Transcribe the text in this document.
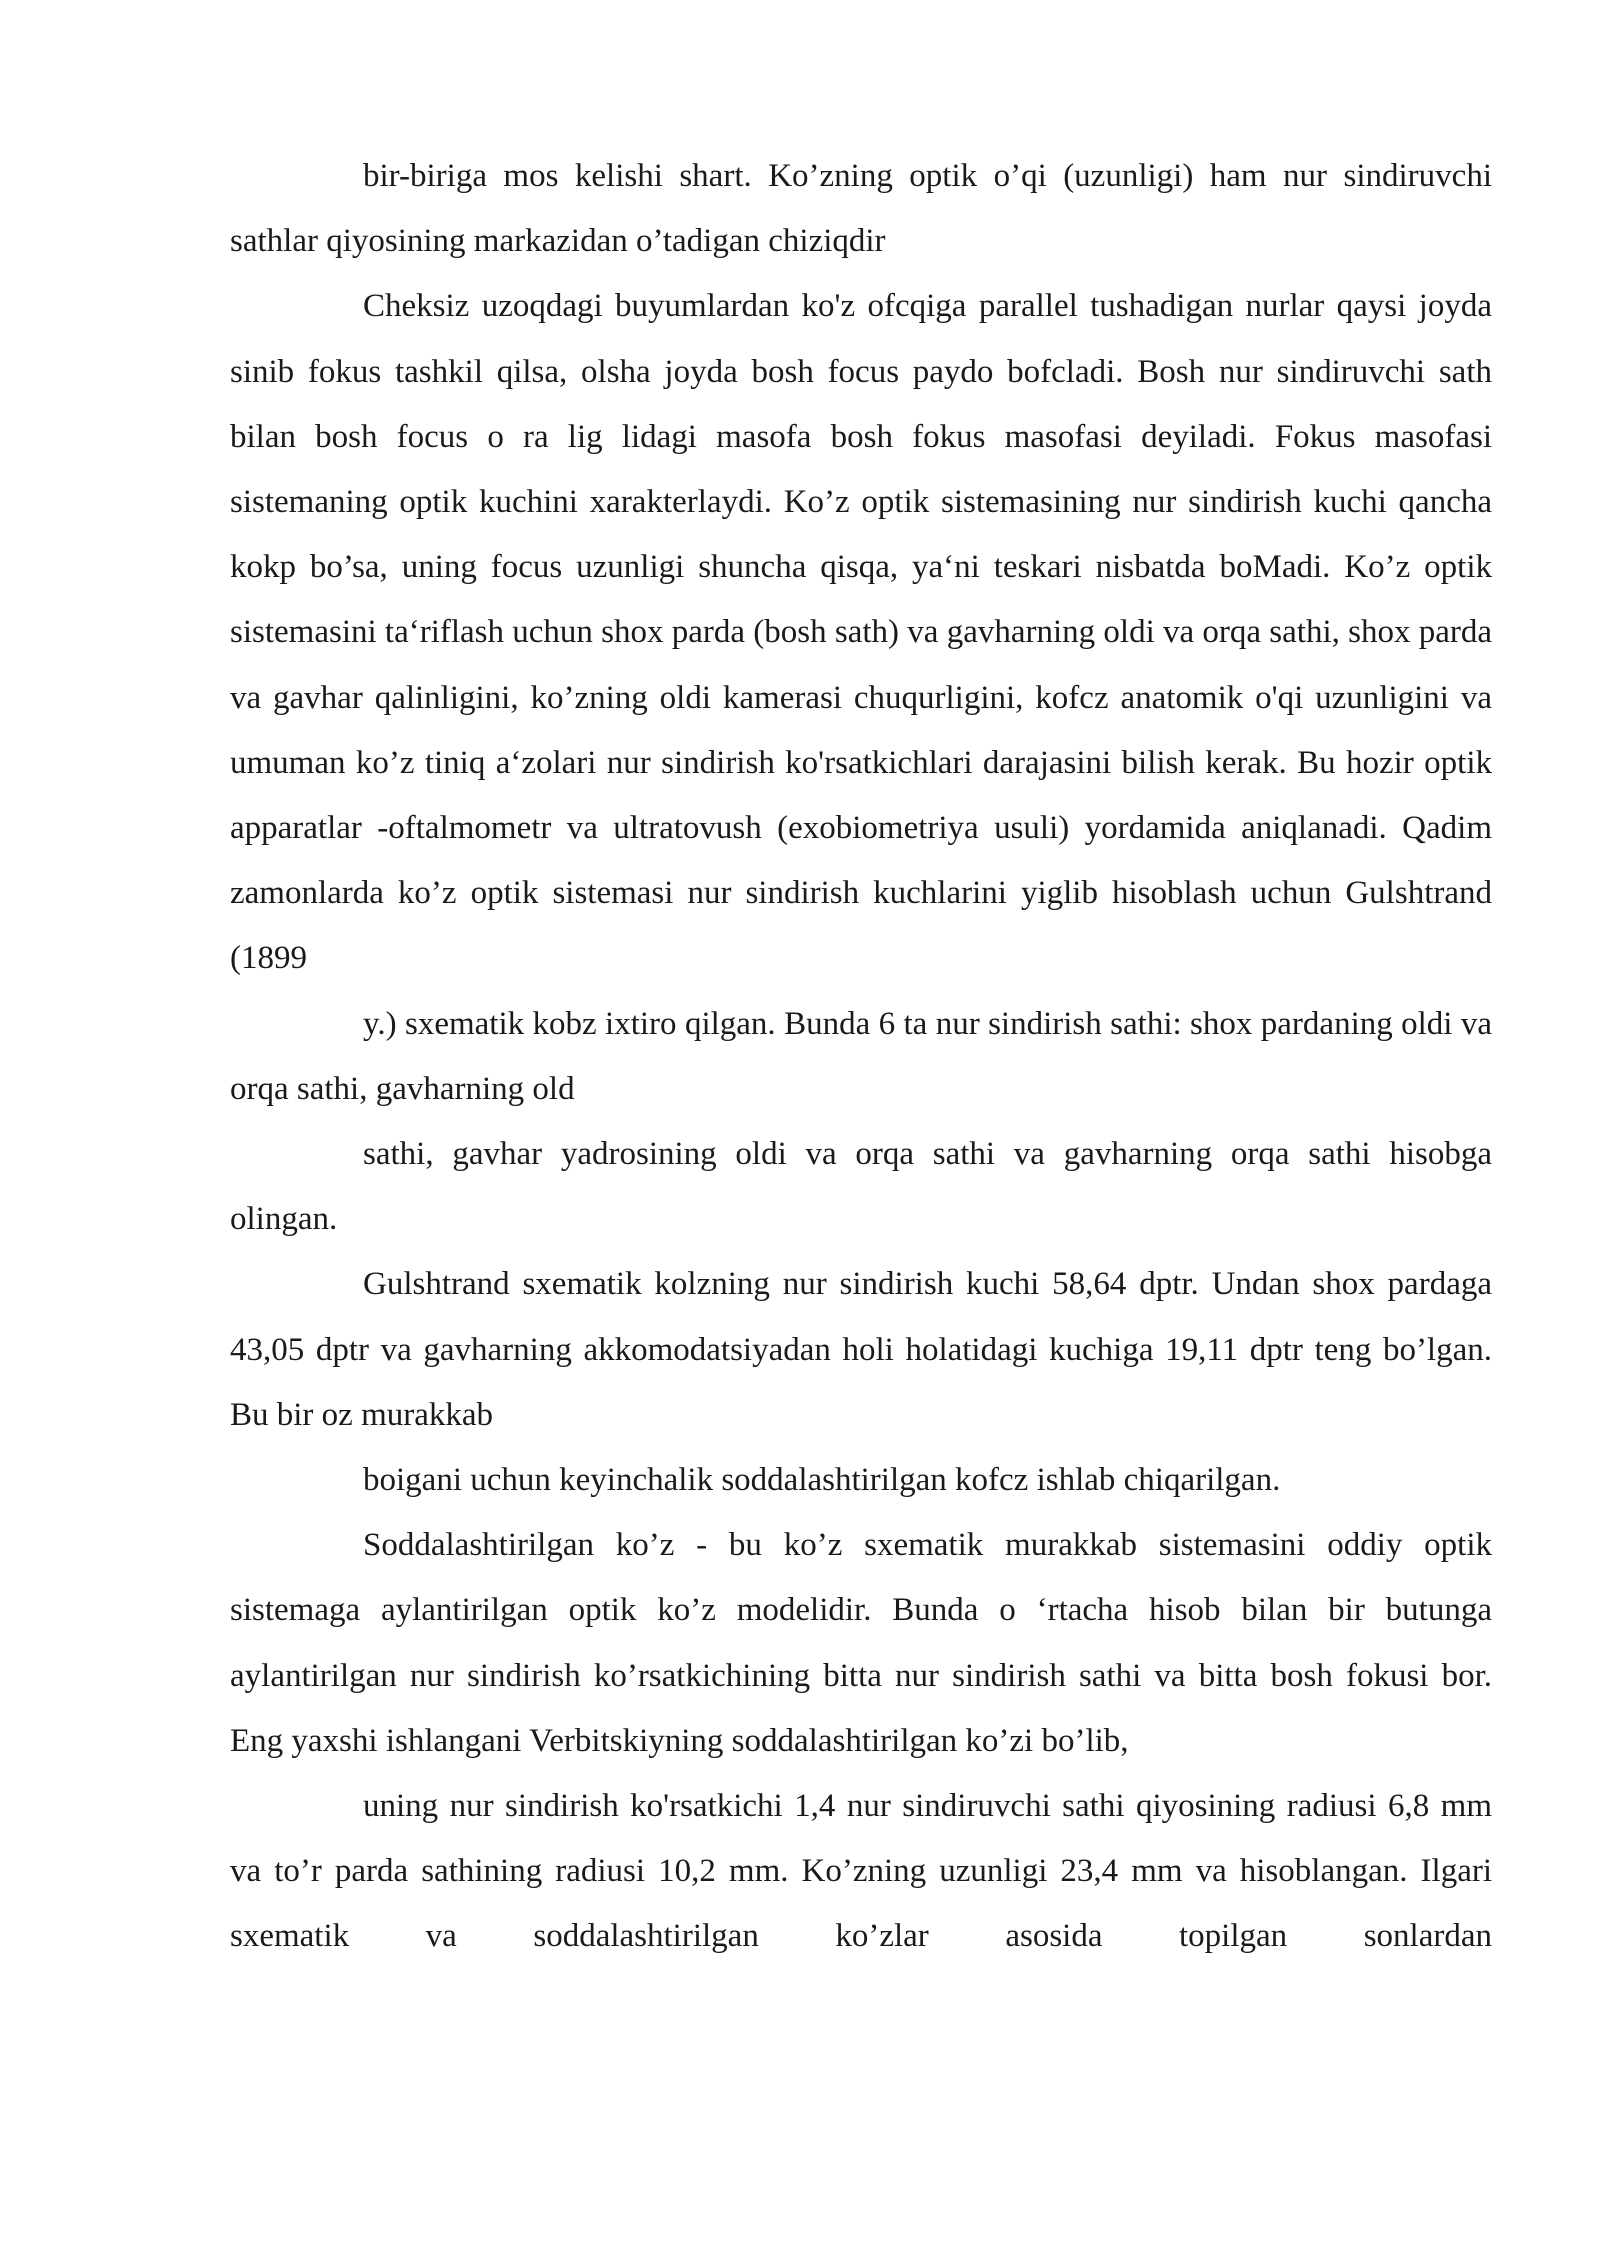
bir-biriga mos kelishi shart. Ko’zning optik o’qi (uzunligi) ham nur sindiruvchi sathlar qiyosining markazidan o’tadigan chiziqdir

Cheksiz uzoqdagi buyumlardan ko'z ofcqiga parallel tushadigan nurlar qaysi joyda sinib fokus tashkil qilsa, olsha joyda bosh focus paydo bofcladi. Bosh nur sindiruvchi sath bilan bosh focus o ra lig lidagi masofa bosh fokus masofasi deyiladi. Fokus masofasi sistemaning optik kuchini xarakterlaydi. Ko’z optik sistemasining nur sindirish kuchi qancha kokp bo’sa, uning focus uzunligi shuncha qisqa, ya‘ni teskari nisbatda boMadi. Ko’z optik sistemasini ta‘riflash uchun shox parda (bosh sath) va gavharning oldi va orqa sathi, shox parda va gavhar qalinligini, ko’zning oldi kamerasi chuqurligini, kofcz anatomik o'qi uzunligini va umuman ko’z tiniq a‘zolari nur sindirish ko'rsatkichlari darajasini bilish kerak. Bu hozir optik apparatlar -oftalmometr va ultratovush (exobiometriya usuli) yordamida aniqlanadi. Qadim zamonlarda ko’z optik sistemasi nur sindirish kuchlarini yiglib hisoblash uchun Gulshtrand (1899

y.) sxematik kobz ixtiro qilgan. Bunda 6 ta nur sindirish sathi: shox pardaning oldi va orqa sathi, gavharning old

sathi, gavhar yadrosining oldi va orqa sathi va gavharning orqa sathi hisobga olingan.

Gulshtrand sxematik kolzning nur sindirish kuchi 58,64 dptr. Undan shox pardaga 43,05 dptr va gavharning akkomodatsiyadan holi holatidagi kuchiga 19,11 dptr teng bo’lgan. Bu bir oz murakkab

boigani uchun keyinchalik soddalashtirilgan kofcz ishlab chiqarilgan.

Soddalashtirilgan ko’z - bu ko’z sxematik murakkab sistemasini oddiy optik sistemaga aylantirilgan optik ko’z modelidir. Bunda o ‘rtacha hisob bilan bir butunga aylantirilgan nur sindirish ko’rsatkichining bitta nur sindirish sathi va bitta bosh fokusi bor. Eng yaxshi ishlangani Verbitskiyning soddalashtirilgan ko’zi bo’lib,

uning nur sindirish ko'rsatkichi 1,4 nur sindiruvchi sathi qiyosining radiusi 6,8 mm va to’r parda sathining radiusi 10,2 mm. Ko’zning uzunligi 23,4 mm va hisoblangan. Ilgari sxematik va soddalashtirilgan ko’zlar asosida topilgan sonlardan
